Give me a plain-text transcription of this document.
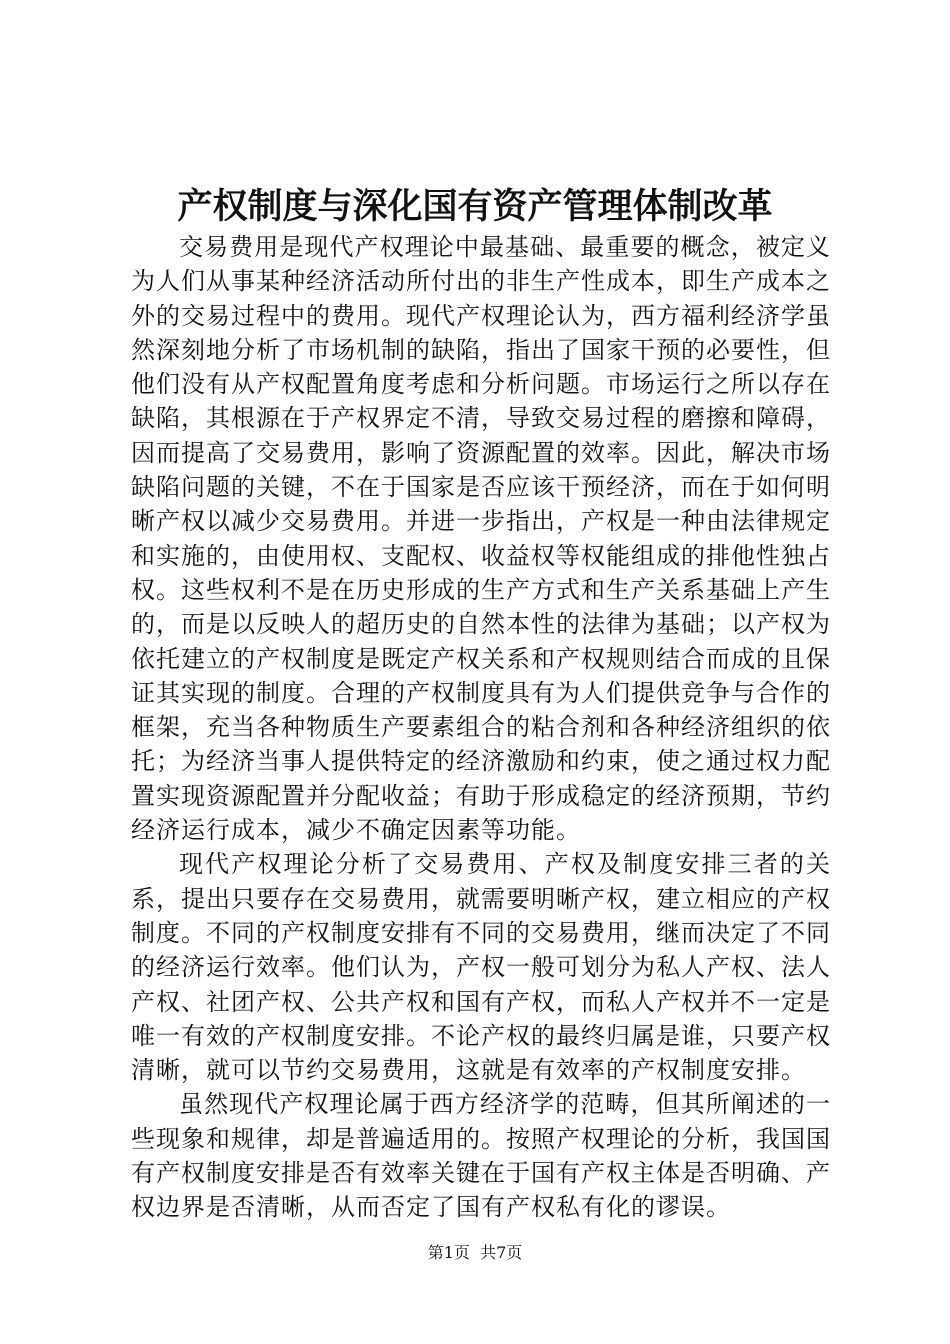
产权制度与深化国有资产管理体制改革

交易费用是现代产权理论中最基础、最重要的概念，被定义为人们从事某种经济活动所付出的非生产性成本，即生产成本之外的交易过程中的费用。现代产权理论认为，西方福利经济学虽然深刻地分析了市场机制的缺陷，指出了国家干预的必要性，但他们没有从产权配置角度考虑和分析问题。市场运行之所以存在缺陷，其根源在于产权界定不清，导致交易过程的磨擦和障碍，因而提高了交易费用，影响了资源配置的效率。因此，解决市场缺陷问题的关键，不在于国家是否应该干预经济，而在于如何明晰产权以减少交易费用。并进一步指出，产权是一种由法律规定和实施的，由使用权、支配权、收益权等权能组成的排他性独占权。这些权利不是在历史形成的生产方式和生产关系基础上产生的，而是以反映人的超历史的自然本性的法律为基础；以产权为依托建立的产权制度是既定产权关系和产权规则结合而成的且保证其实现的制度。合理的产权制度具有为人们提供竞争与合作的框架，充当各种物质生产要素组合的粘合剂和各种经济组织的依托；为经济当事人提供特定的经济激励和约束，使之通过权力配置实现资源配置并分配收益；有助于形成稳定的经济预期，节约经济运行成本，减少不确定因素等功能。

现代产权理论分析了交易费用、产权及制度安排三者的关系，提出只要存在交易费用，就需要明晰产权，建立相应的产权制度。不同的产权制度安排有不同的交易费用，继而决定了不同的经济运行效率。他们认为，产权一般可划分为私人产权、法人产权、社团产权、公共产权和国有产权，而私人产权并不一定是唯一有效的产权制度安排。不论产权的最终归属是谁，只要产权清晰，就可以节约交易费用，这就是有效率的产权制度安排。

虽然现代产权理论属于西方经济学的范畴，但其所阐述的一些现象和规律，却是普遍适用的。按照产权理论的分析，我国国有产权制度安排是否有效率关键在于国有产权主体是否明确、产权边界是否清晰，从而否定了国有产权私有化的谬误。

第1页  共7页
